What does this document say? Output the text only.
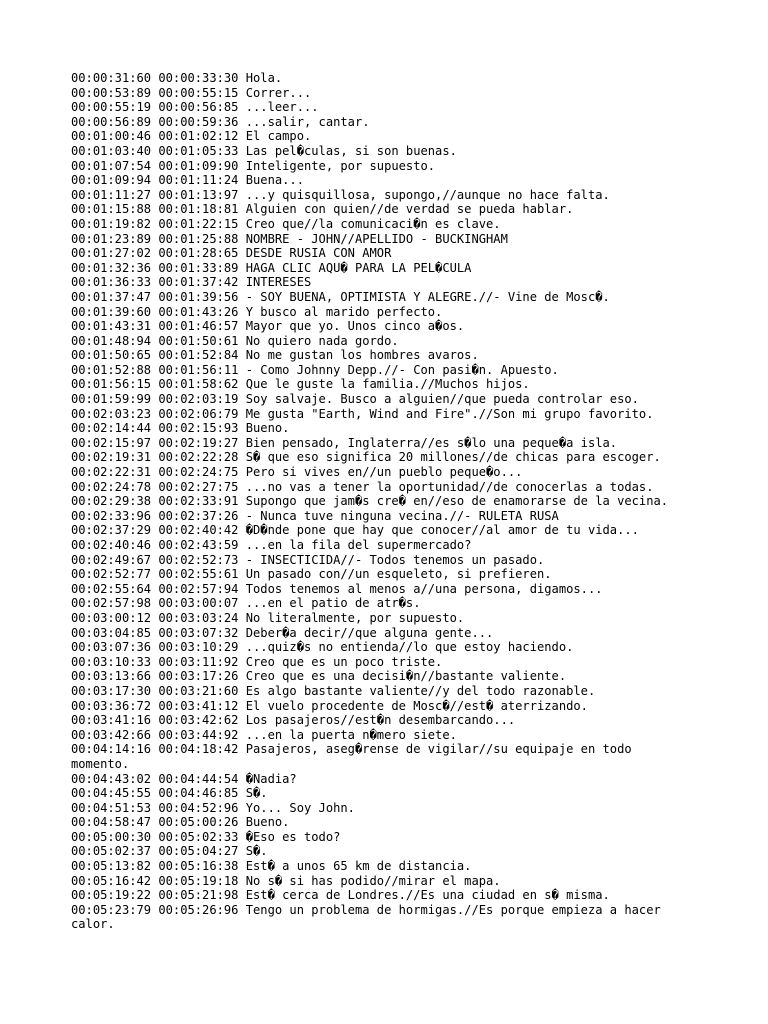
00:00:31:60 00:00:33:30 Hola.
00:00:53:89 00:00:55:15 Correr...
00:00:55:19 00:00:56:85 ...leer...
00:00:56:89 00:00:59:36 ...salir, cantar.
00:01:00:46 00:01:02:12 El campo.
00:01:03:40 00:01:05:33 Las pel�culas, si son buenas.
00:01:07:54 00:01:09:90 Inteligente, por supuesto.
00:01:09:94 00:01:11:24 Buena...
00:01:11:27 00:01:13:97 ...y quisquillosa, supongo,//aunque no hace falta.
00:01:15:88 00:01:18:81 Alguien con quien//de verdad se pueda hablar.
00:01:19:82 00:01:22:15 Creo que//la comunicaci�n es clave.
00:01:23:89 00:01:25:88 NOMBRE - JOHN//APELLIDO - BUCKINGHAM
00:01:27:02 00:01:28:65 DESDE RUSIA CON AMOR
00:01:32:36 00:01:33:89 HAGA CLIC AQU� PARA LA PEL�CULA
00:01:36:33 00:01:37:42 INTERESES
00:01:37:47 00:01:39:56 - SOY BUENA, OPTIMISTA Y ALEGRE.//- Vine de Mosc�.
00:01:39:60 00:01:43:26 Y busco al marido perfecto.
00:01:43:31 00:01:46:57 Mayor que yo. Unos cinco a�os.
00:01:48:94 00:01:50:61 No quiero nada gordo.
00:01:50:65 00:01:52:84 No me gustan los hombres avaros.
00:01:52:88 00:01:56:11 - Como Johnny Depp.//- Con pasi�n. Apuesto.
00:01:56:15 00:01:58:62 Que le guste la familia.//Muchos hijos.
00:01:59:99 00:02:03:19 Soy salvaje. Busco a alguien//que pueda controlar eso.
00:02:03:23 00:02:06:79 Me gusta "Earth, Wind and Fire".//Son mi grupo favorito.
00:02:14:44 00:02:15:93 Bueno.
00:02:15:97 00:02:19:27 Bien pensado, Inglaterra//es s�lo una peque�a isla.
00:02:19:31 00:02:22:28 S� que eso significa 20 millones//de chicas para escoger.
00:02:22:31 00:02:24:75 Pero si vives en//un pueblo peque�o...
00:02:24:78 00:02:27:75 ...no vas a tener la oportunidad//de conocerlas a todas.
00:02:29:38 00:02:33:91 Supongo que jam�s cre� en//eso de enamorarse de la vecina.
00:02:33:96 00:02:37:26 - Nunca tuve ninguna vecina.//- RULETA RUSA
00:02:37:29 00:02:40:42 �D�nde pone que hay que conocer//al amor de tu vida...
00:02:40:46 00:02:43:59 ...en la fila del supermercado?
00:02:49:67 00:02:52:73 - INSECTICIDA//- Todos tenemos un pasado.
00:02:52:77 00:02:55:61 Un pasado con//un esqueleto, si prefieren.
00:02:55:64 00:02:57:94 Todos tenemos al menos a//una persona, digamos...
00:02:57:98 00:03:00:07 ...en el patio de atr�s.
00:03:00:12 00:03:03:24 No literalmente, por supuesto.
00:03:04:85 00:03:07:32 Deber�a decir//que alguna gente...
00:03:07:36 00:03:10:29 ...quiz�s no entienda//lo que estoy haciendo.
00:03:10:33 00:03:11:92 Creo que es un poco triste.
00:03:13:66 00:03:17:26 Creo que es una decisi�n//bastante valiente.
00:03:17:30 00:03:21:60 Es algo bastante valiente//y del todo razonable.
00:03:36:72 00:03:41:12 El vuelo procedente de Mosc�//est� aterrizando.
00:03:41:16 00:03:42:62 Los pasajeros//est�n desembarcando...
00:03:42:66 00:03:44:92 ...en la puerta n�mero siete.
00:04:14:16 00:04:18:42 Pasajeros, aseg�rense de vigilar//su equipaje en todo momento.
00:04:43:02 00:04:44:54 �Nadia?
00:04:45:55 00:04:46:85 S�.
00:04:51:53 00:04:52:96 Yo... Soy John.
00:04:58:47 00:05:00:26 Bueno.
00:05:00:30 00:05:02:33 �Eso es todo?
00:05:02:37 00:05:04:27 S�.
00:05:13:82 00:05:16:38 Est� a unos 65 km de distancia.
00:05:16:42 00:05:19:18 No s� si has podido//mirar el mapa.
00:05:19:22 00:05:21:98 Est� cerca de Londres.//Es una ciudad en s� misma.
00:05:23:79 00:05:26:96 Tengo un problema de hormigas.//Es porque empieza a hacer calor.
